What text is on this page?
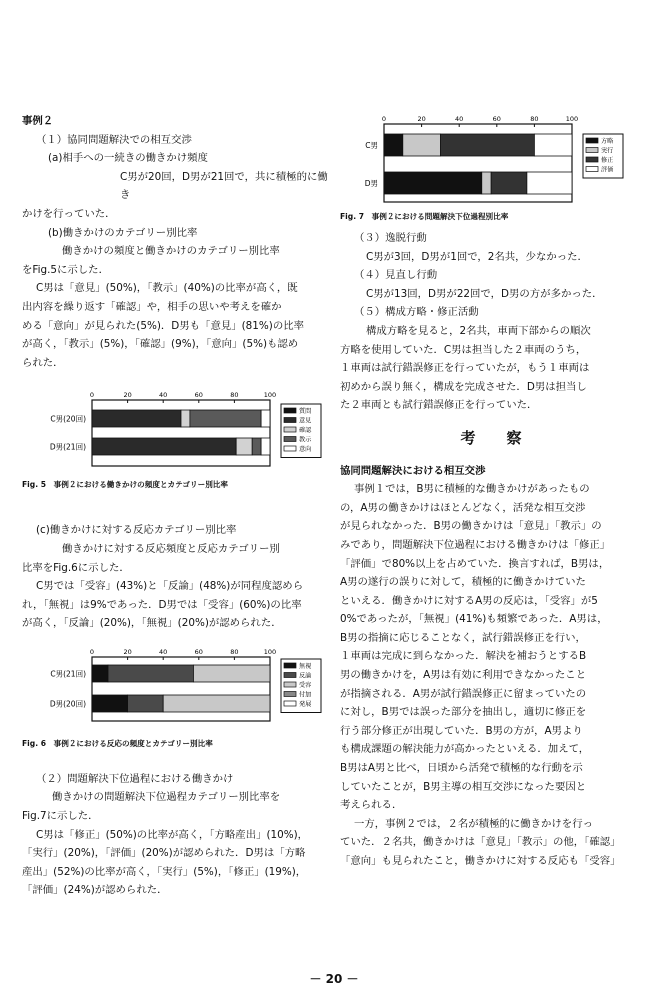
事例２

（１）協同問題解決での相互交渉

(a)相手への一続きの働きかけ頻度

C男が20回，D男が21回で，共に積極的に働き

かけを行っていた．

(b)働きかけのカテゴリー別比率

働きかけの頻度と働きかけのカテゴリー別比率

をFig.5に示した．

C男は「意見」(50%)，「教示」(40%)の比率が高く，既

出内容を繰り返す「確認」や，相手の思いや考えを確か

める「意向」が見られた(5%)．D男も「意見」(81%)の比率

が高く，「教示」(5%)，「確認」(9%)，「意向」(5%)も認め

られた．

0	20	40	60	80	100
C男(20回)
D男(21回)
質問
意見
確認
教示
意向

Fig. 5　事例２における働きかけの頻度とカテゴリー別比率

(c)働きかけに対する反応カテゴリー別比率

働きかけに対する反応頻度と反応カテゴリー別

比率をFig.6に示した．

C男では「受容」(43%)と「反論」(48%)が同程度認めら

れ，「無視」は9%であった．D男では「受容」(60%)の比率

が高く，「反論」(20%)，「無視」(20%)が認められた．

0	20	40	60	80	100
C男(21回)
D男(20回)
無視
反論
受容
付加
発展

Fig. 6　事例２における反応の頻度とカテゴリー別比率

（２）問題解決下位過程における働きかけ

働きかけの問題解決下位過程カテゴリー別比率を

Fig.7に示した．

C男は「修正」(50%)の比率が高く，「方略産出」(10%)，

「実行」(20%)，「評価」(20%)が認められた．D男は「方略

産出」(52%)の比率が高く，「実行」(5%)，「修正」(19%)，

「評価」(24%)が認められた．

0	20	40	60	80	100
C男
D男
方略
実行
修正
評価

Fig. 7　事例２における問題解決下位過程別比率

（３）逸脱行動

C男が3回，D男が1回で，2名共，少なかった．

（４）見直し行動

C男が13回，D男が22回で，D男の方が多かった．

（５）構成方略・修正活動

構成方略を見ると，2名共，車両下部からの順次

方略を使用していた．C男は担当した２車両のうち，

１車両は試行錯誤修正を行っていたが，もう１車両は

初めから誤り無く，構成を完成させた．D男は担当し

た２車両とも試行錯誤修正を行っていた．

考　察

協同問題解決における相互交渉

事例１では，B男に積極的な働きかけがあったもの

の，A男の働きかけはほとんどなく，活発な相互交渉

が見られなかった．B男の働きかけは「意見」「教示」の

みであり，問題解決下位過程における働きかけは「修正」

「評価」で80%以上を占めていた．換言すれば，B男は，

A男の遂行の誤りに対して，積極的に働きかけていた

といえる．働きかけに対するA男の反応は，「受容」が5

0%であったが，「無視」(41%)も頻繁であった．A男は，

B男の指摘に応じることなく，試行錯誤修正を行い，

１車両は完成に到らなかった．解決を補おうとするB

男の働きかけを，A男は有効に利用できなかったこと

が指摘される．A男が試行錯誤修正に留まっていたの

に対し，B男では誤った部分を抽出し，適切に修正を

行う部分修正が出現していた．B男の方が，A男より

も構成課題の解決能力が高かったといえる．加えて，

B男はA男と比べ，日頃から活発で積極的な行動を示

していたことが，B男主導の相互交渉になった要因と

考えられる．

一方，事例２では，２名が積極的に働きかけを行っ

ていた．２名共，働きかけは「意見」「教示」の他，「確認」

「意向」も見られたこと，働きかけに対する反応も「受容」

－ 20 －
